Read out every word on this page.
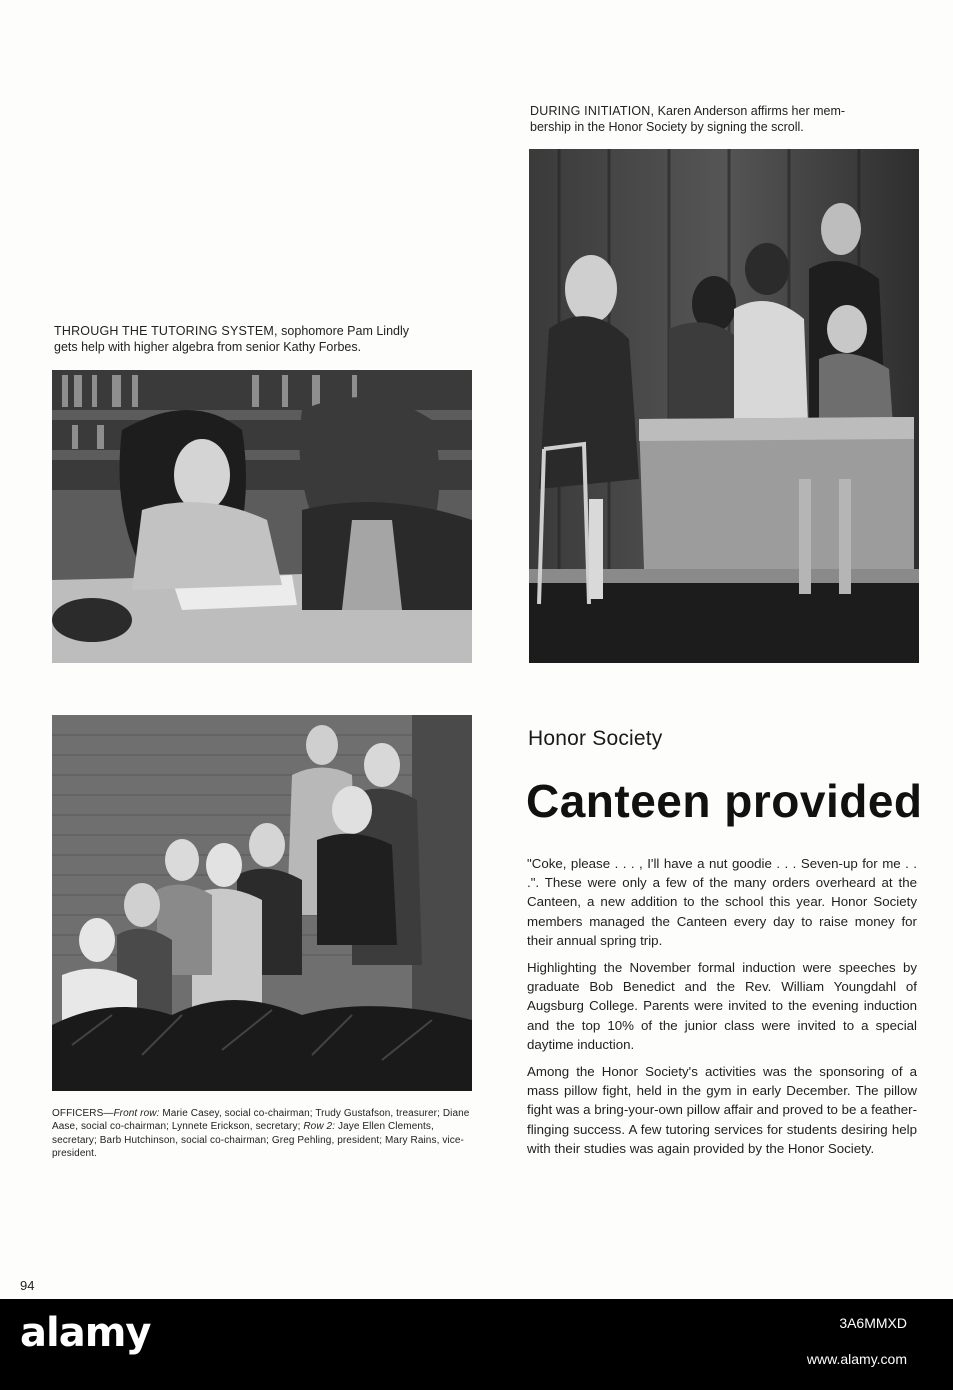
DURING INITIATION, Karen Anderson affirms her mem-
bership in the Honor Society by signing the scroll.
THROUGH THE TUTORING SYSTEM, sophomore Pam Lindly
gets help with higher algebra from senior Kathy Forbes.
OFFICERS—Front row: Marie Casey, social co-chairman; Trudy Gustafson, treasurer; Diane Aase, social co-chairman; Lynnete Erickson, secretary; Row 2: Jaye Ellen Clements, secretary; Barb Hutchinson, social co-chairman; Greg Pehling, president; Mary Rains, vice-president.
Honor Society
Canteen provided

"Coke, please . . . , I'll have a nut goodie . . . Seven-up for me . . .". These were only a few of the many orders overheard at the Canteen, a new addition to the school this year. Honor Society members managed the Canteen every day to raise money for their annual spring trip.

Highlighting the November formal induction were speeches by graduate Bob Benedict and the Rev. William Youngdahl of Augsburg College. Parents were invited to the evening induction and the top 10% of the junior class were invited to a special daytime induction.

Among the Honor Society's activities was the sponsoring of a mass pillow fight, held in the gym in early December. The pillow fight was a bring-your-own pillow affair and proved to be a feather-flinging success. A few tutoring services for students desiring help with their studies was again provided by the Honor Society.

94
alamy	3A6MMXD
www.alamy.com
